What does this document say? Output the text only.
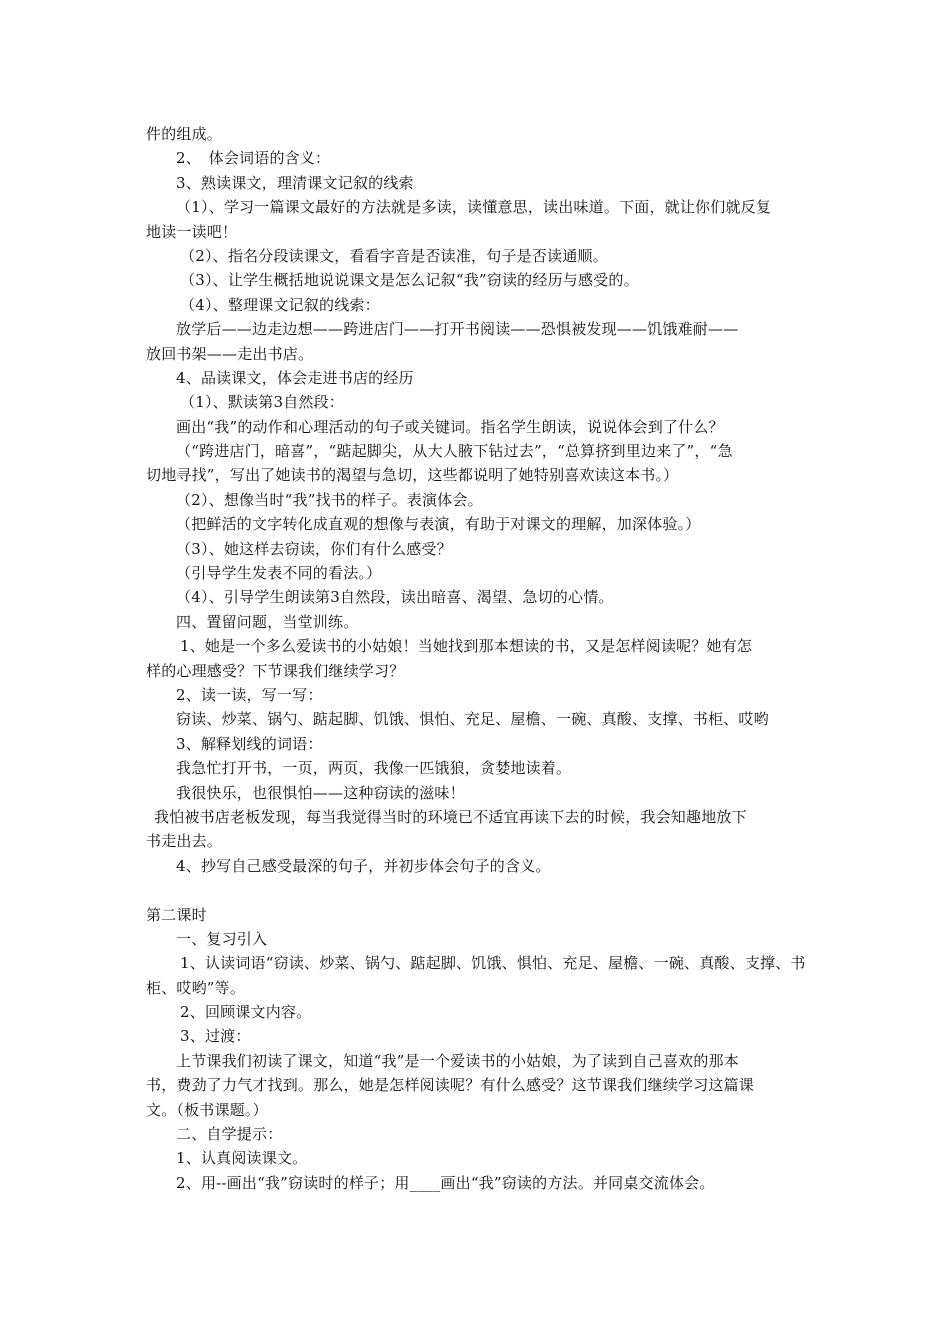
件的组成。
2、　体会词语的含义：
3、熟读课文，理清课文记叙的线索
（1）、学习一篇课文最好的方法就是多读，读懂意思，读出味道。下面，就让你们就反复
地读一读吧！
（2）、指名分段读课文，看看字音是否读准，句子是否读通顺。
（3）、让学生概括地说说课文是怎么记叙“我”窃读的经历与感受的。
（4）、整理课文记叙的线索：
放学后——边走边想——跨进店门——打开书阅读——恐惧被发现——饥饿难耐——
放回书架——走出书店。
4、品读课文，体会走进书店的经历
（1）、默读第3自然段：
画出“我”的动作和心理活动的句子或关键词。指名学生朗读，说说体会到了什么？
（“跨进店门，暗喜”，“踮起脚尖，从大人腋下钻过去”，“总算挤到里边来了”，“急
切地寻找”，写出了她读书的渴望与急切，这些都说明了她特别喜欢读这本书。）
（2）、想像当时“我”找书的样子。表演体会。
（把鲜活的文字转化成直观的想像与表演，有助于对课文的理解，加深体验。）
（3）、她这样去窃读，你们有什么感受？
（引导学生发表不同的看法。）
（4）、引导学生朗读第3自然段，读出暗喜、渴望、急切的心情。
四、置留问题，当堂训练。
1、她是一个多么爱读书的小姑娘！当她找到那本想读的书，又是怎样阅读呢？她有怎
样的心理感受？下节课我们继续学习？
2、读一读，写一写：
窃读、炒菜、锅勺、踮起脚、饥饿、惧怕、充足、屋檐、一碗、真酸、支撑、书柜、哎哟
3、解释划线的词语：
我急忙打开书，一页，两页，我像一匹饿狼，贪婪地读着。
我很快乐，也很惧怕——这种窃读的滋味！
我怕被书店老板发现，每当我觉得当时的环境已不适宜再读下去的时候，我会知趣地放下
书走出去。
4、抄写自己感受最深的句子，并初步体会句子的含义。
第二课时
一、复习引入
1、认读词语“窃读、炒菜、锅勺、踮起脚、饥饿、惧怕、充足、屋檐、一碗、真酸、支撑、书
柜、哎哟”等。
2、回顾课文内容。
3、过渡：
上节课我们初读了课文，知道“我”是一个爱读书的小姑娘，为了读到自己喜欢的那本
书，费劲了力气才找到。那么，她是怎样阅读呢？有什么感受？这节课我们继续学习这篇课
文。（板书课题。）
二、自学提示：
1、认真阅读课文。
2、用--画出“我”窃读时的样子；用____画出“我”窃读的方法。并同桌交流体会。
